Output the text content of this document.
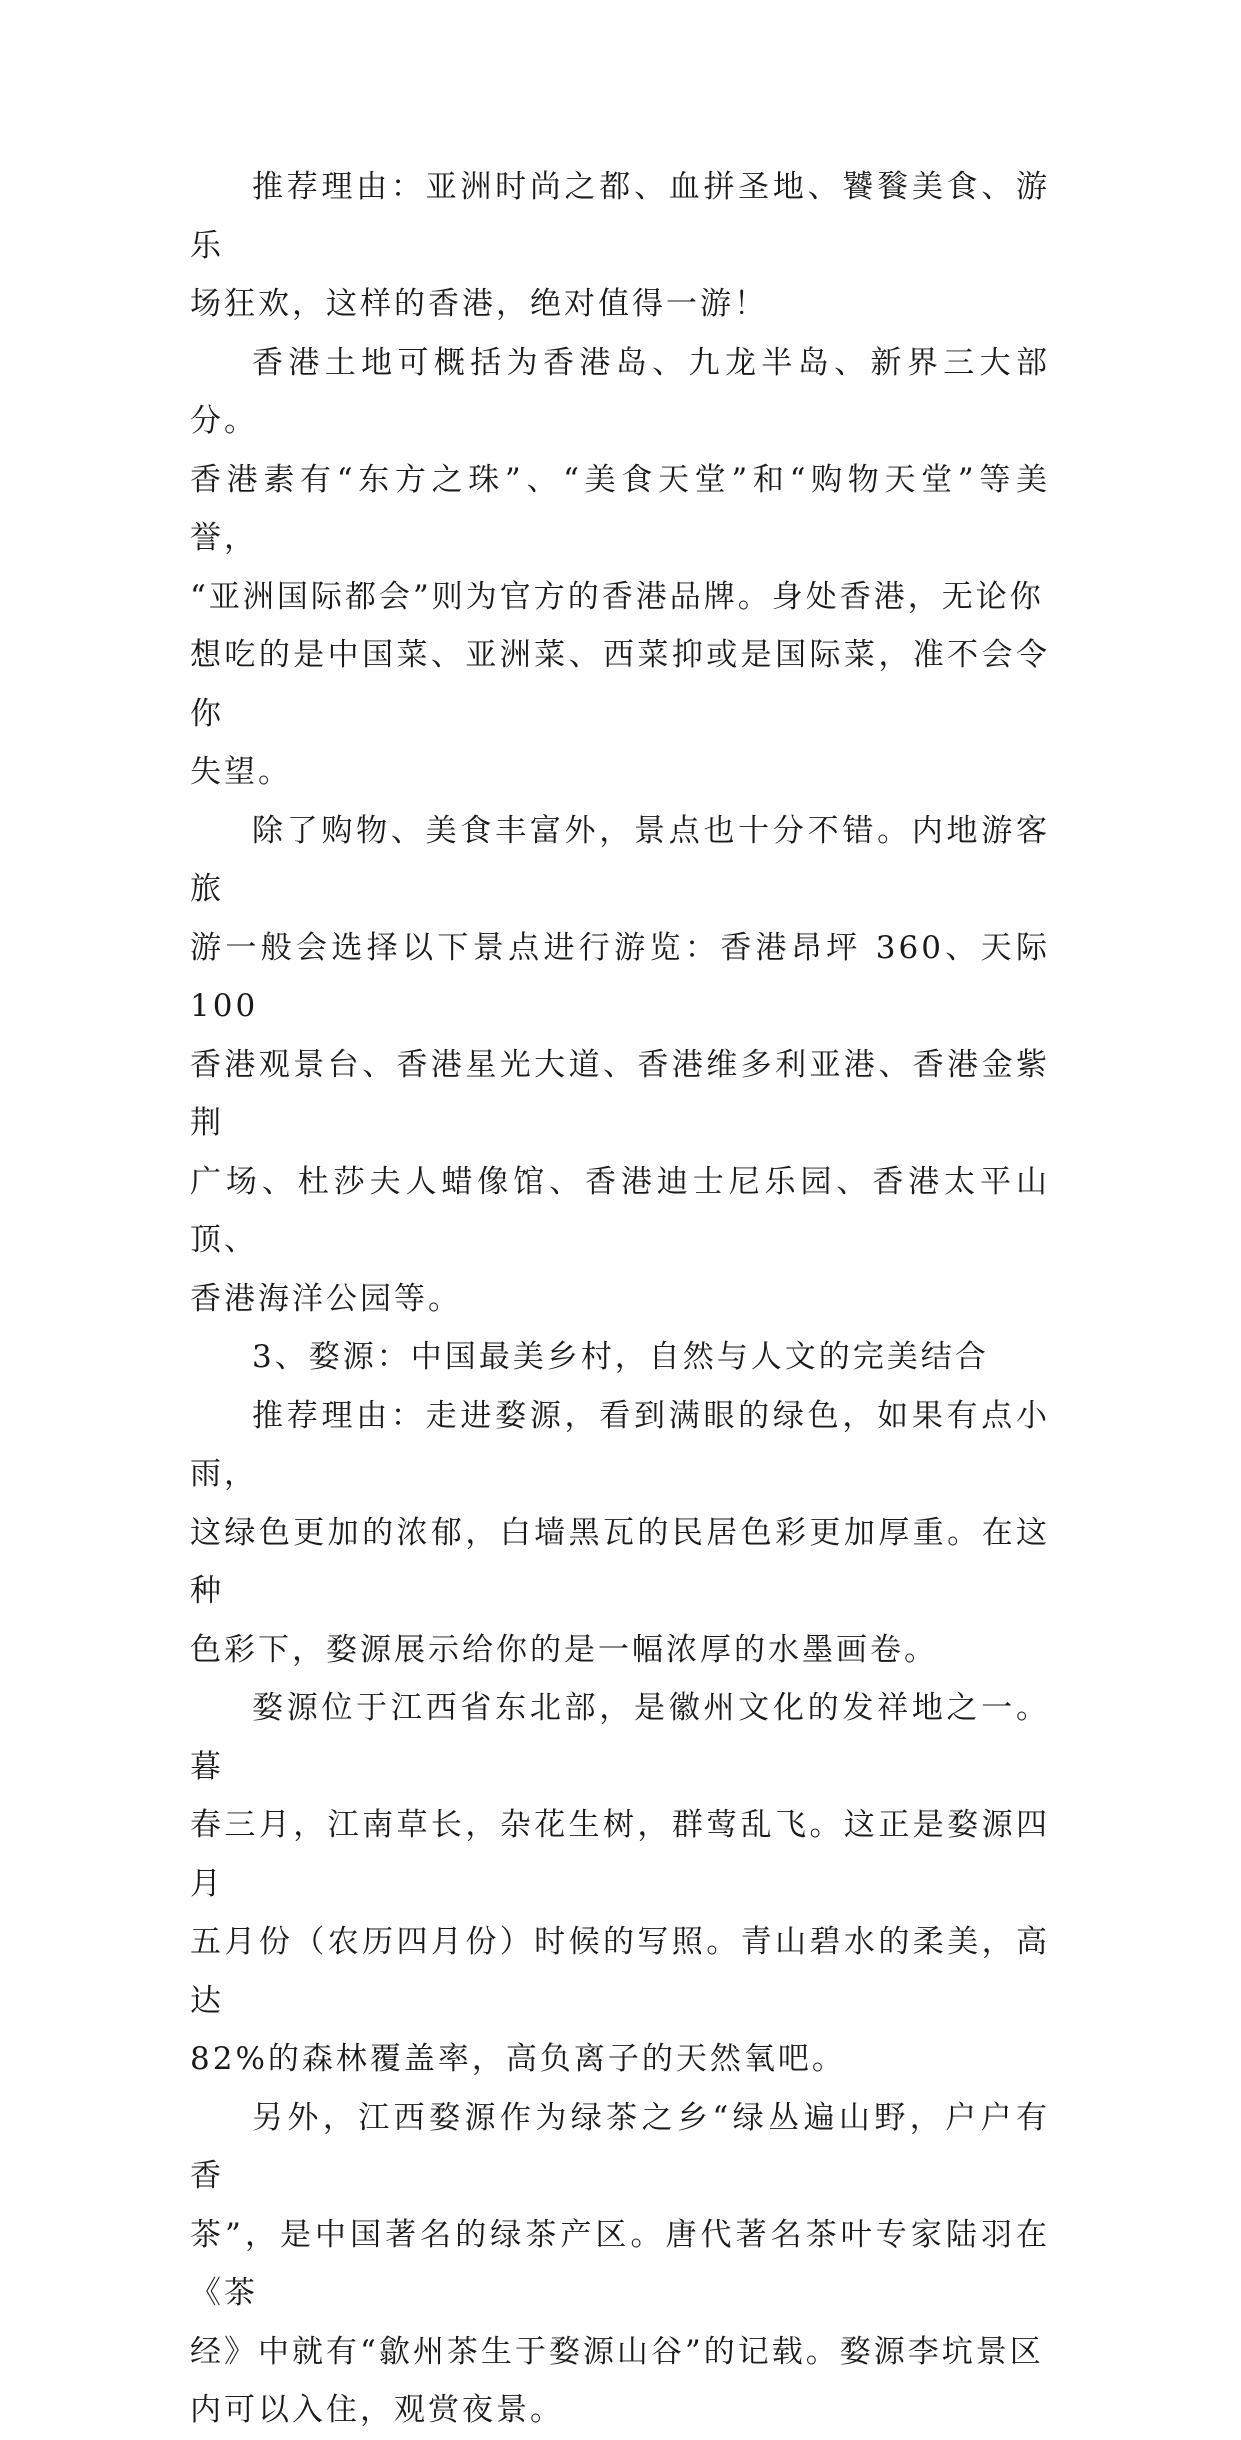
推荐理由：亚洲时尚之都、血拼圣地、饕餮美食、游乐
场狂欢，这样的香港，绝对值得一游！

香港土地可概括为香港岛、九龙半岛、新界三大部分。
香港素有“东方之珠”、“美食天堂”和“购物天堂”等美誉，
“亚洲国际都会”则为官方的香港品牌。身处香港，无论你
想吃的是中国菜、亚洲菜、西菜抑或是国际菜，准不会令你
失望。

除了购物、美食丰富外，景点也十分不错。内地游客旅
游一般会选择以下景点进行游览：香港昂坪 360、天际 100
香港观景台、香港星光大道、香港维多利亚港、香港金紫荆
广场、杜莎夫人蜡像馆、香港迪士尼乐园、香港太平山顶、
香港海洋公园等。

3、婺源：中国最美乡村，自然与人文的完美结合

推荐理由：走进婺源，看到满眼的绿色，如果有点小雨，
这绿色更加的浓郁，白墙黑瓦的民居色彩更加厚重。在这种
色彩下，婺源展示给你的是一幅浓厚的水墨画卷。

婺源位于江西省东北部，是徽州文化的发祥地之一。暮
春三月，江南草长，杂花生树，群莺乱飞。这正是婺源四月
五月份（农历四月份）时候的写照。青山碧水的柔美，高达
82%的森林覆盖率，高负离子的天然氧吧。

另外，江西婺源作为绿茶之乡“绿丛遍山野，户户有香
茶”，是中国著名的绿茶产区。唐代著名茶叶专家陆羽在《茶
经》中就有“歙州茶生于婺源山谷”的记载。婺源李坑景区
内可以入住，观赏夜景。
